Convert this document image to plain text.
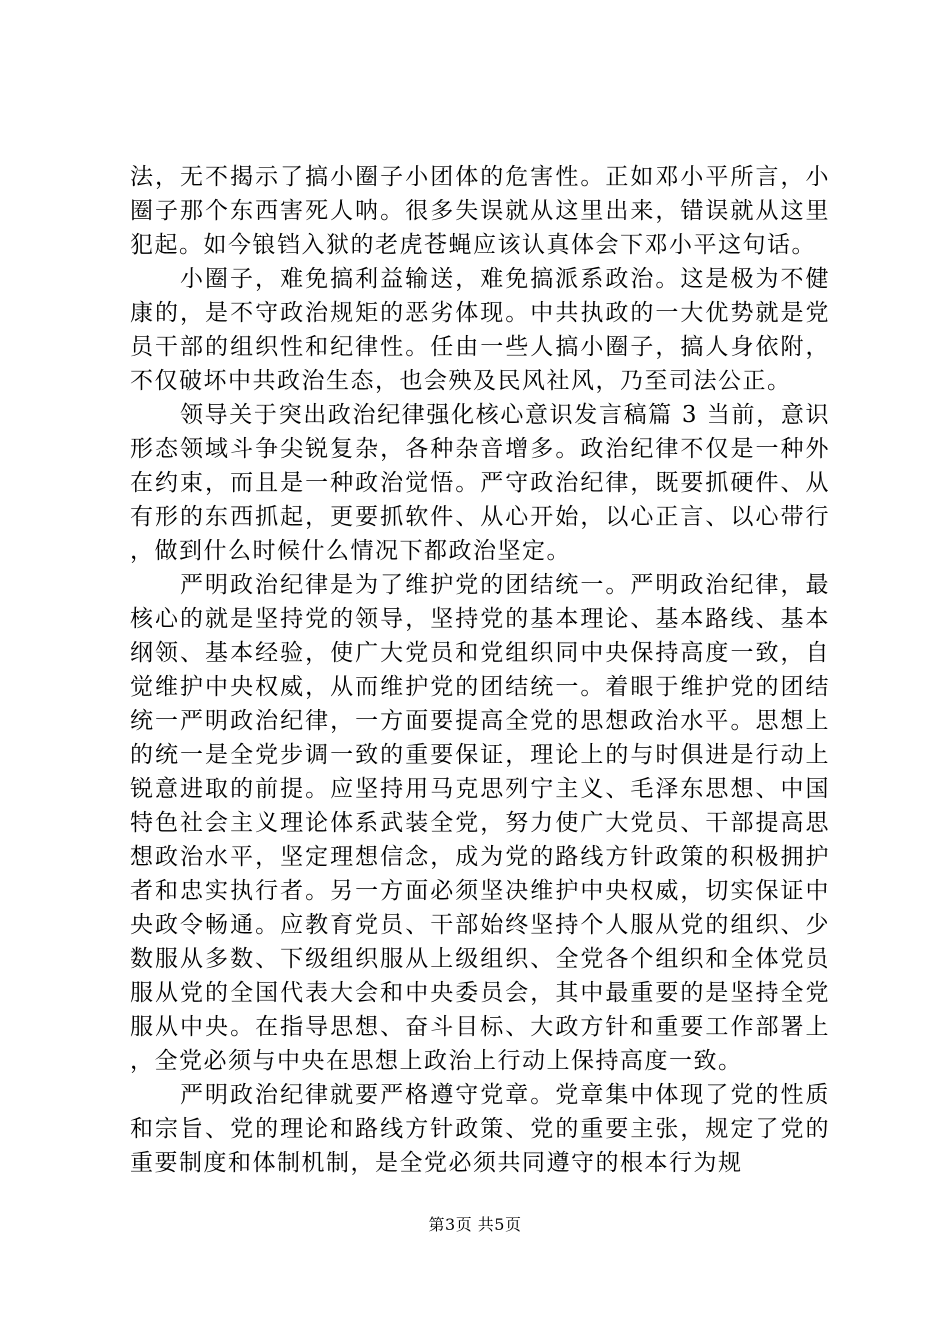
法，无不揭示了搞小圈子小团体的危害性。正如邓小平所言，小圈子那个东西害死人呐。很多失误就从这里出来，错误就从这里犯起。如今锒铛入狱的老虎苍蝇应该认真体会下邓小平这句话。

小圈子，难免搞利益输送，难免搞派系政治。这是极为不健康的，是不守政治规矩的恶劣体现。中共执政的一大优势就是党员干部的组织性和纪律性。任由一些人搞小圈子，搞人身依附，不仅破坏中共政治生态，也会殃及民风社风，乃至司法公正。

领导关于突出政治纪律强化核心意识发言稿篇 3 当前，意识形态领域斗争尖锐复杂，各种杂音增多。政治纪律不仅是一种外在约束，而且是一种政治觉悟。严守政治纪律，既要抓硬件、从有形的东西抓起，更要抓软件、从心开始，以心正言、以心带行，做到什么时候什么情况下都政治坚定。

严明政治纪律是为了维护党的团结统一。严明政治纪律，最核心的就是坚持党的领导，坚持党的基本理论、基本路线、基本纲领、基本经验，使广大党员和党组织同中央保持高度一致，自觉维护中央权威，从而维护党的团结统一。着眼于维护党的团结统一严明政治纪律，一方面要提高全党的思想政治水平。思想上的统一是全党步调一致的重要保证，理论上的与时俱进是行动上锐意进取的前提。应坚持用马克思列宁主义、毛泽东思想、中国特色社会主义理论体系武装全党，努力使广大党员、干部提高思想政治水平，坚定理想信念，成为党的路线方针政策的积极拥护者和忠实执行者。另一方面必须坚决维护中央权威，切实保证中央政令畅通。应教育党员、干部始终坚持个人服从党的组织、少数服从多数、下级组织服从上级组织、全党各个组织和全体党员服从党的全国代表大会和中央委员会，其中最重要的是坚持全党服从中央。在指导思想、奋斗目标、大政方针和重要工作部署上，全党必须与中央在思想上政治上行动上保持高度一致。

严明政治纪律就要严格遵守党章。党章集中体现了党的性质和宗旨、党的理论和路线方针政策、党的重要主张，规定了党的重要制度和体制机制，是全党必须共同遵守的根本行为规

第3页 共5页
